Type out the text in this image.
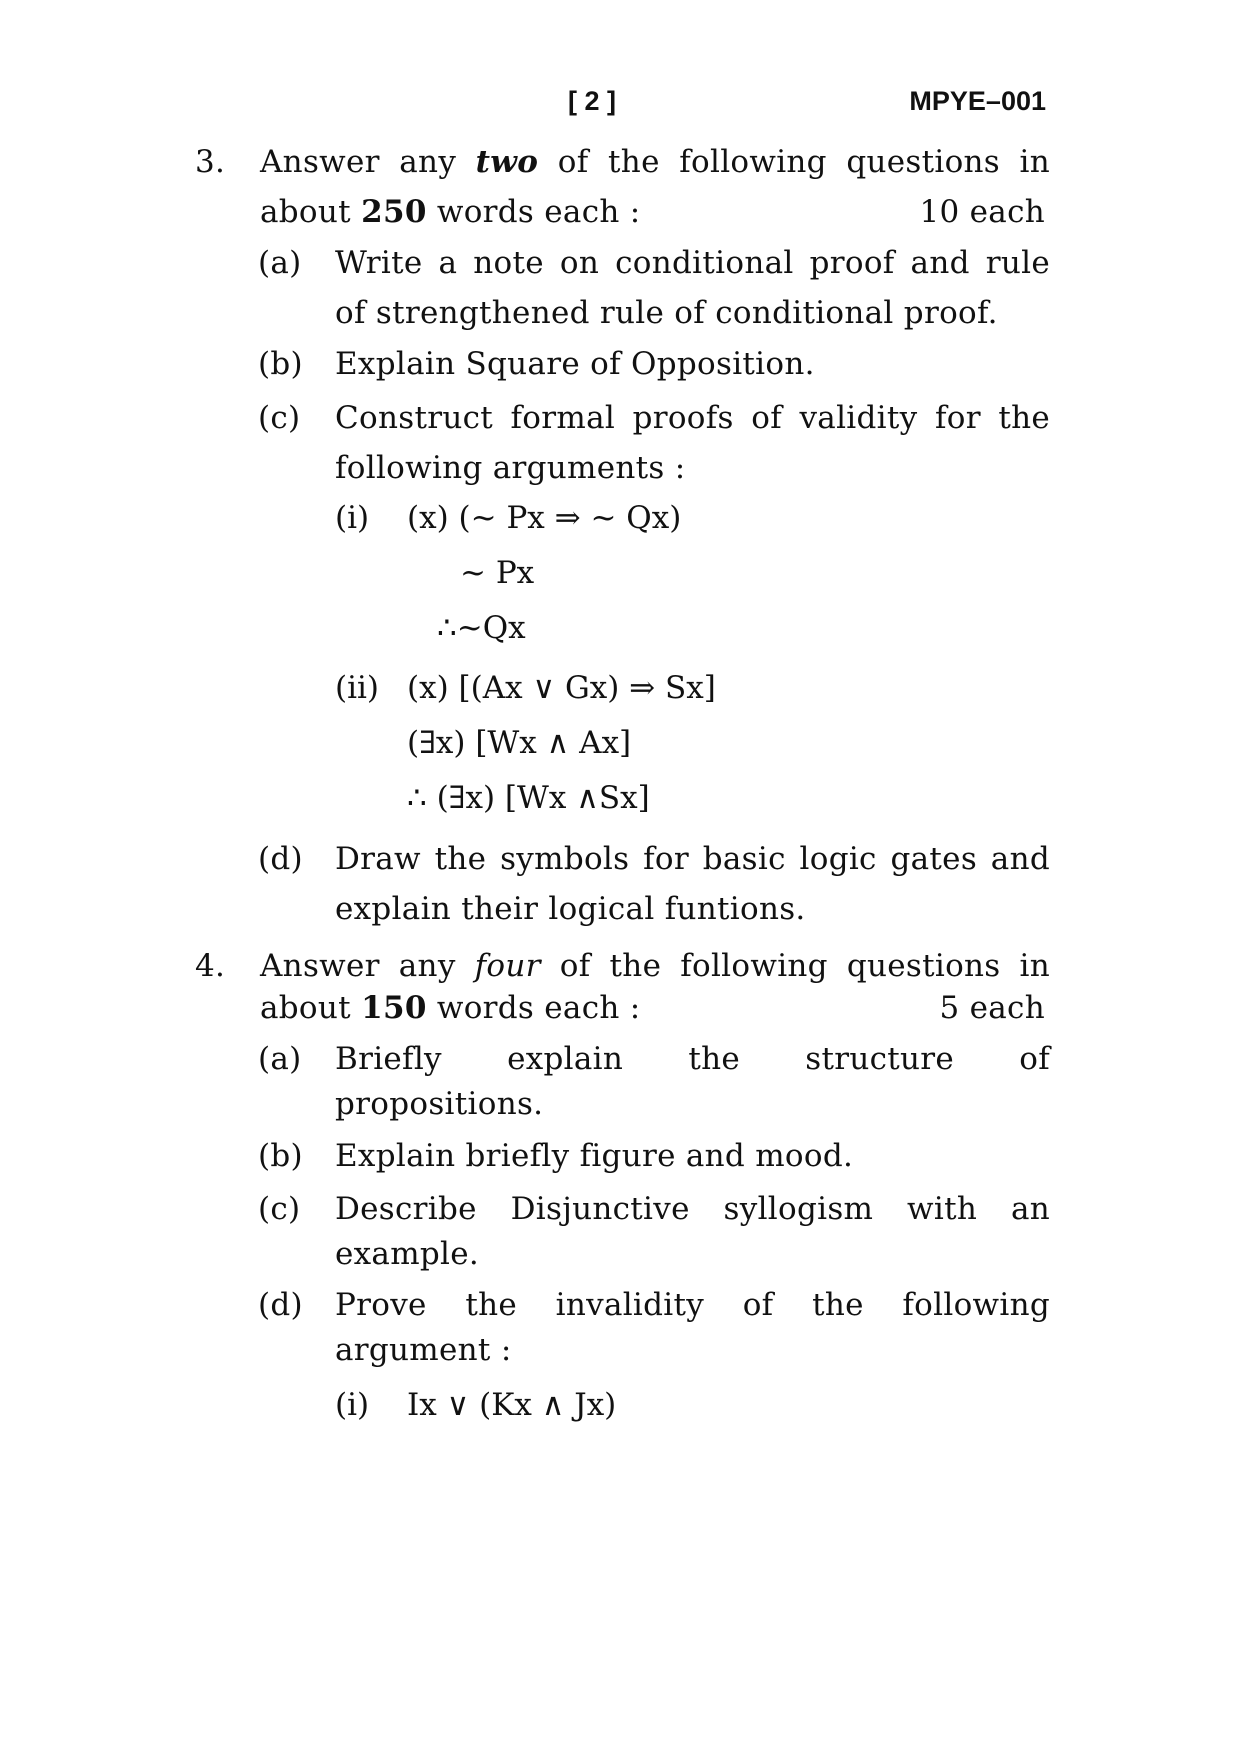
[ 2 ]	MPYE–001
3. Answer any two of the following questions in
about 250 words each :	10 each
(a) Write a note on conditional proof and rule
of strengthened rule of conditional proof.
(b) Explain Square of Opposition.
(c) Construct formal proofs of validity for the
following arguments :
(i) (x) (~ Px ⇒ ~ Qx)
~ Px
∴~Qx
(ii) (x) [(Ax ∨ Gx) ⇒ Sx]
(∃x) [Wx ∧ Ax]
∴ (∃x) [Wx ∧Sx]
(d) Draw the symbols for basic logic gates and
explain their logical funtions.
4. Answer any four of the following questions in
about 150 words each :	5 each
(a) Briefly explain the structure of
propositions.
(b) Explain briefly figure and mood.
(c) Describe Disjunctive syllogism with an
example.
(d) Prove the invalidity of the following
argument :
(i) Ix ∨ (Kx ∧ Jx)
